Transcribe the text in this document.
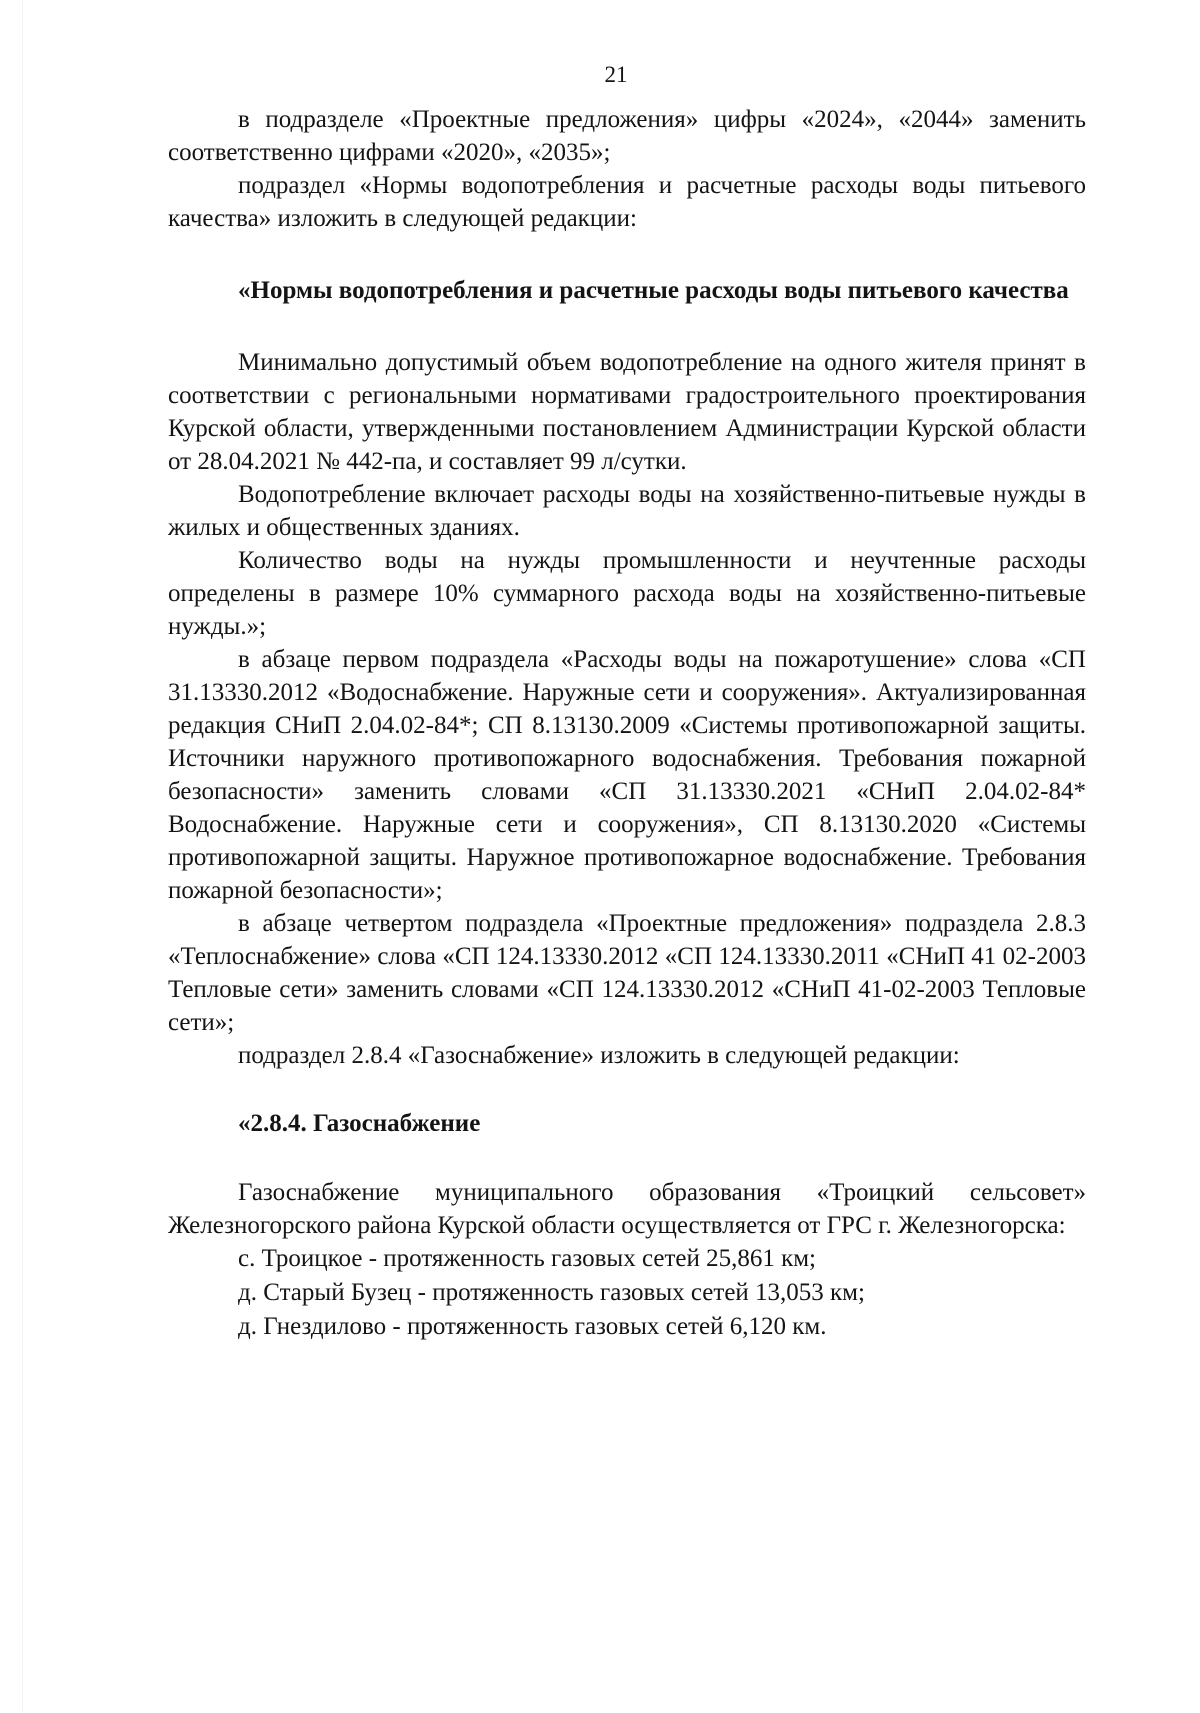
21

в подразделе «Проектные предложения» цифры «2024», «2044» заменить соответственно цифрами «2020», «2035»;

подраздел «Нормы водопотребления и расчетные расходы воды питьевого качества» изложить в следующей редакции:

«Нормы водопотребления и расчетные расходы воды питьевого качества

Минимально допустимый объем водопотребление на одного жителя принят в соответствии с региональными нормативами градостроительного проектирования Курской области, утвержденными постановлением Администрации Курской области от 28.04.2021 № 442-па, и составляет 99 л/сутки.

Водопотребление включает расходы воды на хозяйственно-питьевые нужды в жилых и общественных зданиях.

Количество воды на нужды промышленности и неучтенные расходы определены в размере 10% суммарного расхода воды на хозяйственно-питьевые нужды.»;

в абзаце первом подраздела «Расходы воды на пожаротушение» слова «СП 31.13330.2012 «Водоснабжение. Наружные сети и сооружения». Актуализированная редакция СНиП 2.04.02-84*; СП 8.13130.2009 «Системы противопожарной защиты. Источники наружного противопожарного водоснабжения. Требования пожарной безопасности» заменить словами «СП 31.13330.2021 «СНиП 2.04.02-84* Водоснабжение. Наружные сети и сооружения», СП 8.13130.2020 «Системы противопожарной защиты. Наружное противопожарное водоснабжение. Требования пожарной безопасности»;

в абзаце четвертом подраздела «Проектные предложения» подраздела 2.8.3 «Теплоснабжение» слова «СП 124.13330.2012 «СП 124.13330.2011 «СНиП 41 02-2003 Тепловые сети» заменить словами «СП 124.13330.2012 «СНиП 41-02-2003 Тепловые сети»;

подраздел 2.8.4 «Газоснабжение» изложить в следующей редакции:

«2.8.4. Газоснабжение

Газоснабжение муниципального образования «Троицкий сельсовет» Железногорского района Курской области осуществляется от ГРС г. Железногорска:

с. Троицкое - протяженность газовых сетей 25,861 км;
д. Старый Бузец - протяженность газовых сетей 13,053 км;
д. Гнездилово - протяженность газовых сетей 6,120 км.
